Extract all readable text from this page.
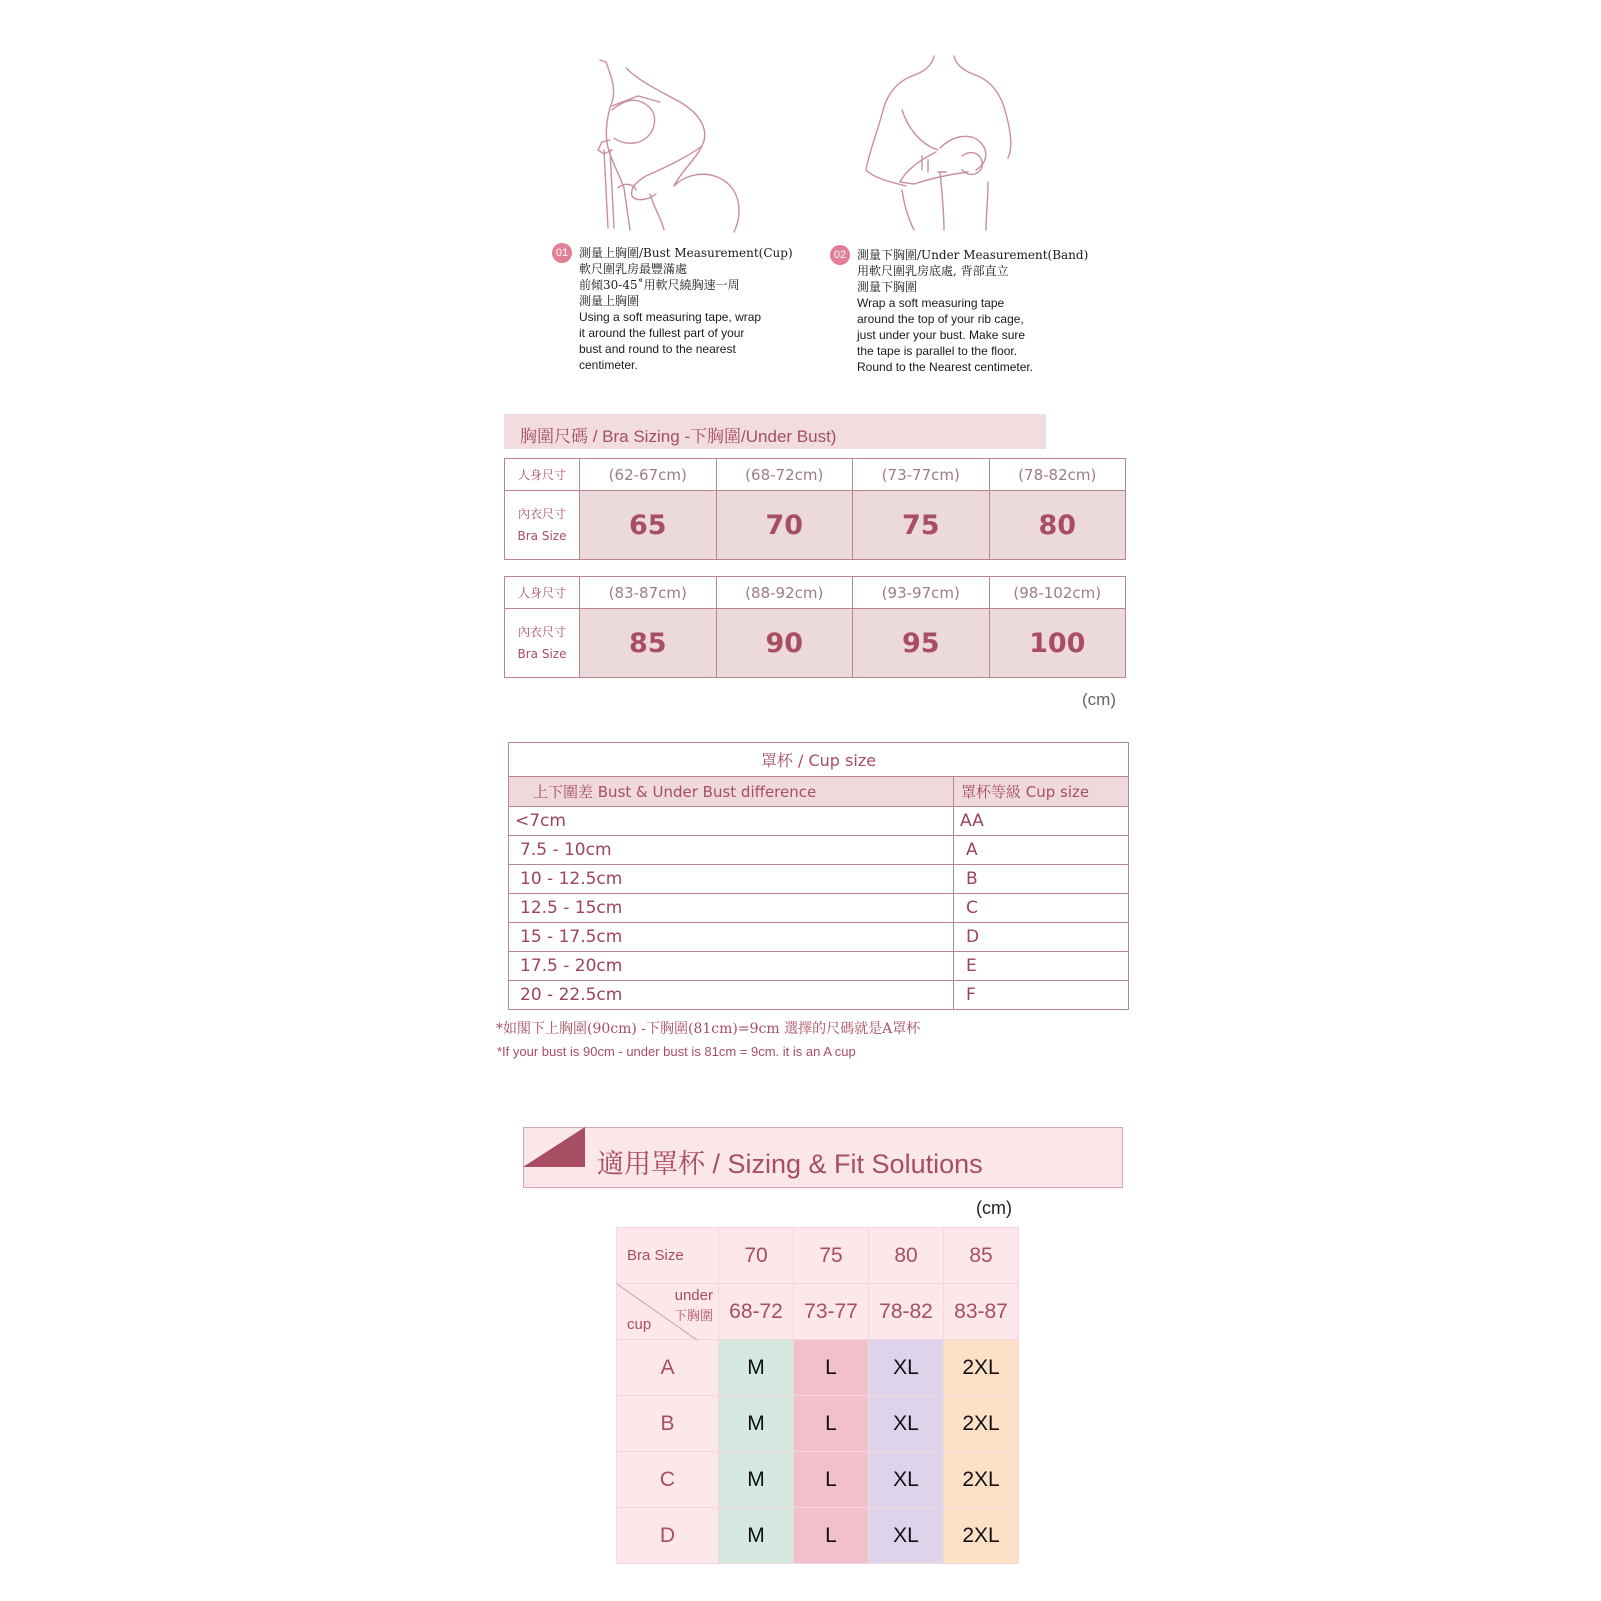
01 測量上胸圍/Bust Measurement(Cup)
軟尺圍乳房最豐滿處
前傾30-45˚用軟尺繞胸速一周
測量上胸圍
Using a soft measuring tape, wrap
it around the fullest part of your
bust and round to the nearest
centimeter.
02 測量下胸圍/Under Measurement(Band)
用軟尺圍乳房底處, 背部直立
測量下胸圍
Wrap a soft measuring tape
around the top of your rib cage,
just under your bust. Make sure
the tape is parallel to the floor.
Round to the Nearest centimeter.
胸圍尺碼 / Bra Sizing -下胸圍/Under Bust)
人身尺寸	(62-67cm)	(68-72cm)	(73-77cm)	(78-82cm)

內衣尺寸
Bra Size	65	70	75	80
人身尺寸	(83-87cm)	(88-92cm)	(93-97cm)	(98-102cm)

內衣尺寸
Bra Size	85	90	95	100
(cm)
罩杯 / Cup size	
上下圍差 Bust & Under Bust difference	罩杯等級 Cup size
<7cm	AA
7.5 - 10cm	A
10 - 12.5cm	B
12.5 - 15cm	C
15 - 17.5cm	D
17.5 - 20cm	E
20 - 22.5cm	F
*如閣下上胸圍(90cm) -下胸圍(81cm)=9cm 選擇的尺碼就是A罩杯
*If your bust is 90cm - under bust is 81cm = 9cm. it is an A cup
適用罩杯 / Sizing & Fit Solutions
(cm)
Bra Size	70	75	80	85

under
下胸圍
cup	68-72	73-77	78-82	83-87
A	M	L	XL	2XL
B	M	L	XL	2XL
C	M	L	XL	2XL
D	M	L	XL	2XL
